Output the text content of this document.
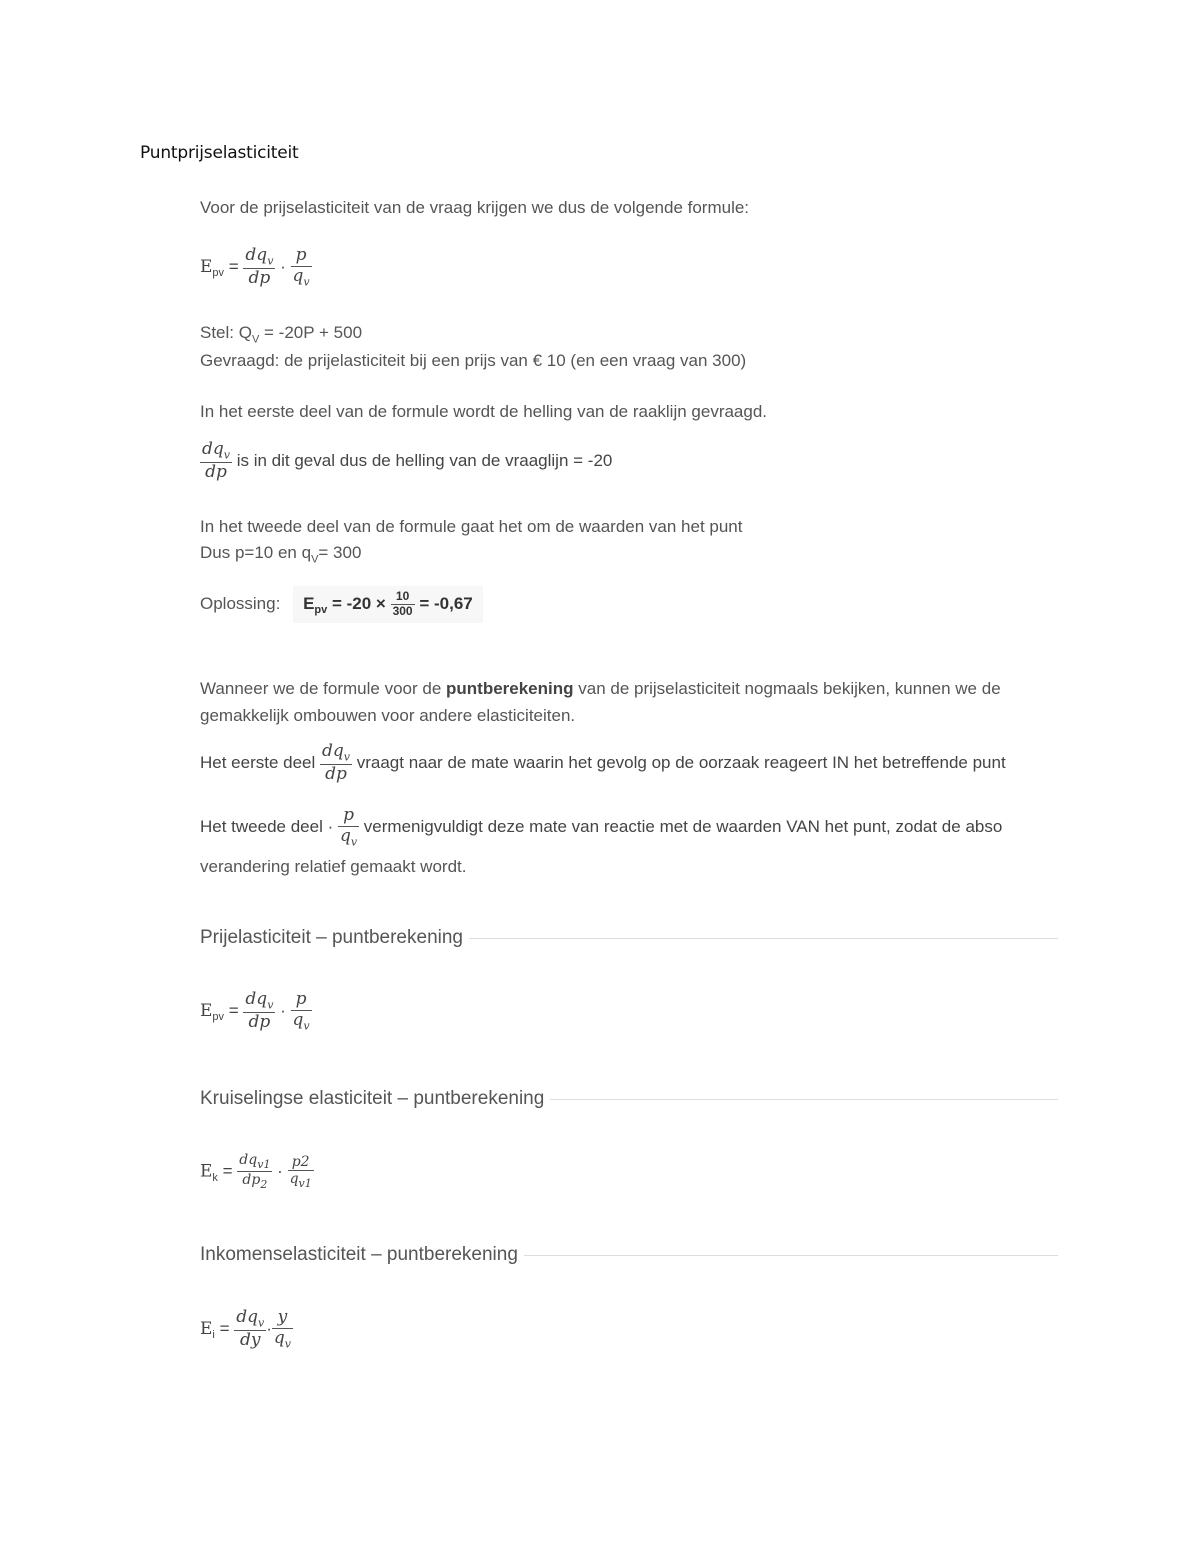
Puntprijselasticiteit
Voor de prijselasticiteit van de vraag krijgen we dus de volgende formule:
$E_{pv} = \frac{dq_v}{dp} \cdot \frac{p}{q_v}$
Stel: $Q_V = -20P + 500$
Gevraagd: de prijelasticiteit bij een prijs van € 10 (en een vraag van 300)
In het eerste deel van de formule wordt de helling van de raaklijn gevraagd.
$\frac{dq_v}{dp}$ is in dit geval dus de helling van de vraaglijn = -20
In het tweede deel van de formule gaat het om de waarden van het punt
Dus p=10 en $q_V= 300$
Oplossing: $E_{pv} = -20 \times \frac{10}{300} = -0,67$
Wanneer we de formule voor de puntberekening van de prijselasticiteit nogmaals bekijken, kunnen we de
gemakkelijk ombouwen voor andere elasticiteiten.
Het eerste deel $\frac{dq_v}{dp}$ vraagt naar de mate waarin het gevolg op de oorzaak reageert IN het betreffende punt
Het tweede deel · $\frac{p}{q_v}$ vermenigvuldigt deze mate van reactie met de waarden VAN het punt, zodat de abso
verandering relatief gemaakt wordt.
Prijelasticiteit – puntberekening
$E_{pv} = \frac{dq_v}{dp} \cdot \frac{p}{q_v}$
Kruiselingse elasticiteit – puntberekening
$E_k = \frac{dq_{v1}}{dp_2} \cdot \frac{p2}{q_{v1}}$
Inkomenselasticiteit – puntberekening
$E_i = \frac{dq_v}{dy} \cdot \frac{y}{q_v}$
